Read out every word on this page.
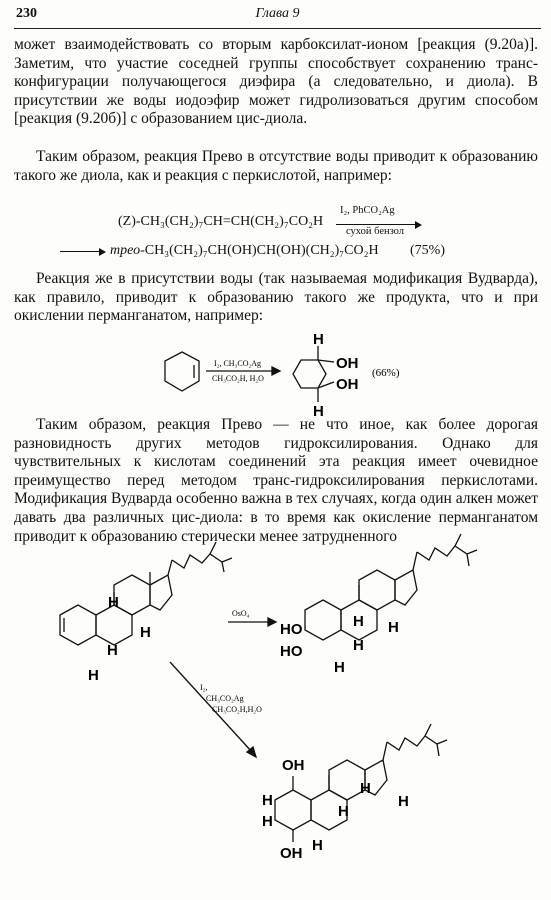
230	Глава 9

может взаимодействовать со вторым карбоксилат-ионом [реакция (9.20а)]. Заметим, что участие соседней группы способствует сохранению транс-конфигурации получающегося диэфира (а следовательно, и диола). В присутствии же воды иодоэфир может гидролизоваться другим способом [реакция (9.20б)] с образованием цис-диола.

Таким образом, реакция Прево в отсутствие воды приводит к образованию такого же диола, как и реакция с перкислотой, например:

(Z)-CH₃(CH₂)₇CH=CH(CH₂)₇CO₂H
I₂, PhCO₂Ag
сухой бензол
трео-CH₃(CH₂)₇CH(OH)CH(OH)(CH₂)₇CO₂H (75%)

Реакция же в присутствии воды (так называемая модификация Вудварда), как правило, приводит к образованию такого же продукта, что и при окислении перманганатом, например:

I₂, CH₃CO₂Ag
CH₃CO₂H, H₂O
H
H
OH
OH
(66%)
OsO₄
I₂,
CH₃CO₂Ag
CH₃CO₂H,H₂O
H
H
H
H
HO
HO
H H
H
H
OH
H
H
OH
H
H
H
H

Таким образом, реакция Прево — не что иное, как более дорогая разновидность других методов гидроксилирования. Однако для чувствительных к кислотам соединений эта реакция имеет очевидное преимущество перед методом транс-гидроксилирования перкислотами. Модификация Вудварда особенно важна в тех случаях, когда один алкен может давать два различных цис-диола: в то время как окисление перманганатом приводит к образованию стерически менее затрудненного
